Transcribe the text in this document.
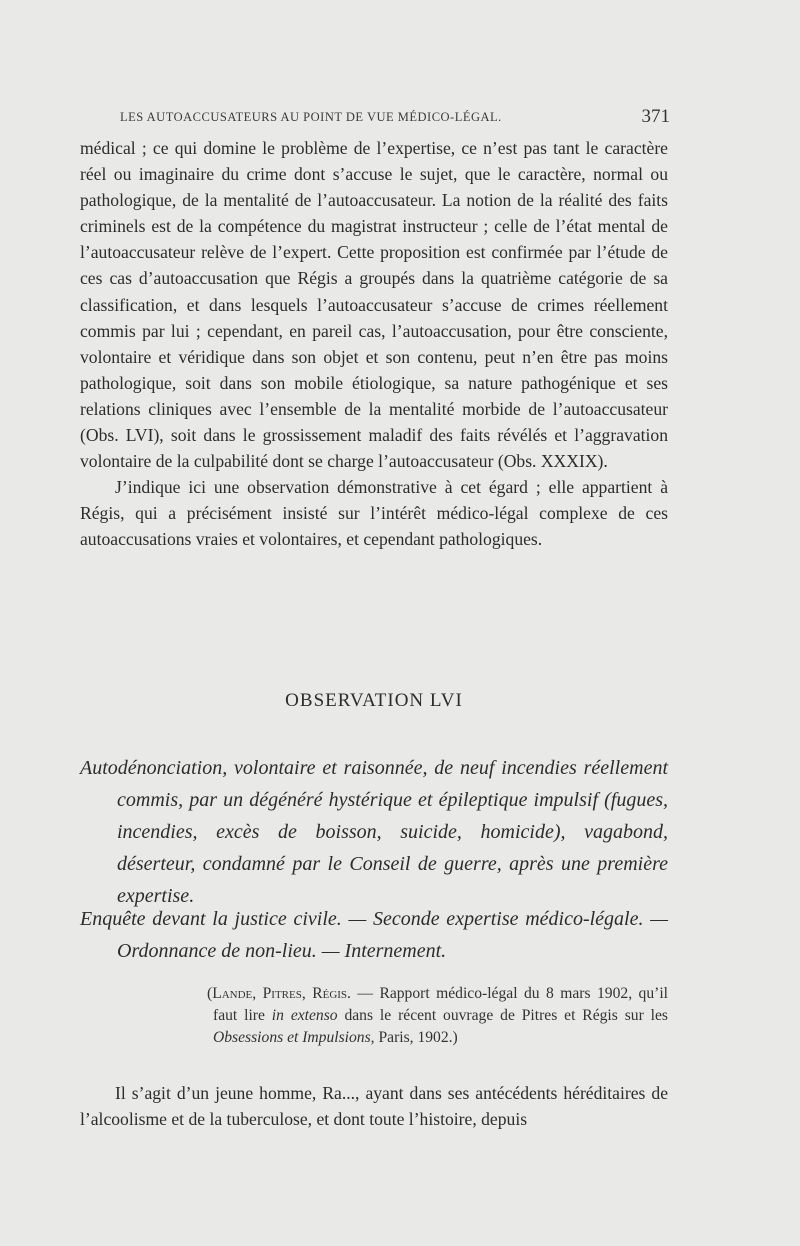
LES AUTOACCUSATEURS AU POINT DE VUE MÉDICO-LÉGAL.	371

médical ; ce qui domine le problème de l’expertise, ce n’est pas tant le caractère réel ou imaginaire du crime dont s’accuse le sujet, que le caractère, normal ou pathologique, de la mentalité de l’autoaccusateur. La notion de la réalité des faits criminels est de la compétence du magistrat instructeur ; celle de l’état mental de l’autoaccusateur relève de l’expert. Cette proposition est confirmée par l’étude de ces cas d’autoaccusation que Régis a groupés dans la quatrième catégorie de sa classification, et dans lesquels l’autoaccusateur s’accuse de crimes réellement commis par lui ; cependant, en pareil cas, l’autoaccusation, pour être consciente, volontaire et véridique dans son objet et son contenu, peut n’en être pas moins pathologique, soit dans son mobile étiologique, sa nature pathogénique et ses relations cliniques avec l’ensemble de la mentalité morbide de l’autoaccusateur (Obs. LVI), soit dans le grossissement maladif des faits révélés et l’aggravation volontaire de la culpabilité dont se charge l’autoaccusateur (Obs. XXXIX).

J’indique ici une observation démonstrative à cet égard ; elle appartient à Régis, qui a précisément insisté sur l’intérêt médico-légal complexe de ces autoaccusations vraies et volontaires, et cependant pathologiques.

OBSERVATION LVI
Autodénonciation, volontaire et raisonnée, de neuf incendies réellement commis, par un dégénéré hystérique et épileptique impulsif (fugues, incendies, excès de boisson, suicide, homicide), vagabond, déserteur, condamné par le Conseil de guerre, après une première expertise.
Enquête devant la justice civile. — Seconde expertise médico-légale. — Ordonnance de non-lieu. — Internement.
(Lande, Pitres, Régis. — Rapport médico-légal du 8 mars 1902, qu’il faut lire in extenso dans le récent ouvrage de Pitres et Régis sur les Obsessions et Impulsions, Paris, 1902.)

Il s’agit d’un jeune homme, Ra..., ayant dans ses antécédents héréditaires de l’alcoolisme et de la tuberculose, et dont toute l’histoire, depuis
